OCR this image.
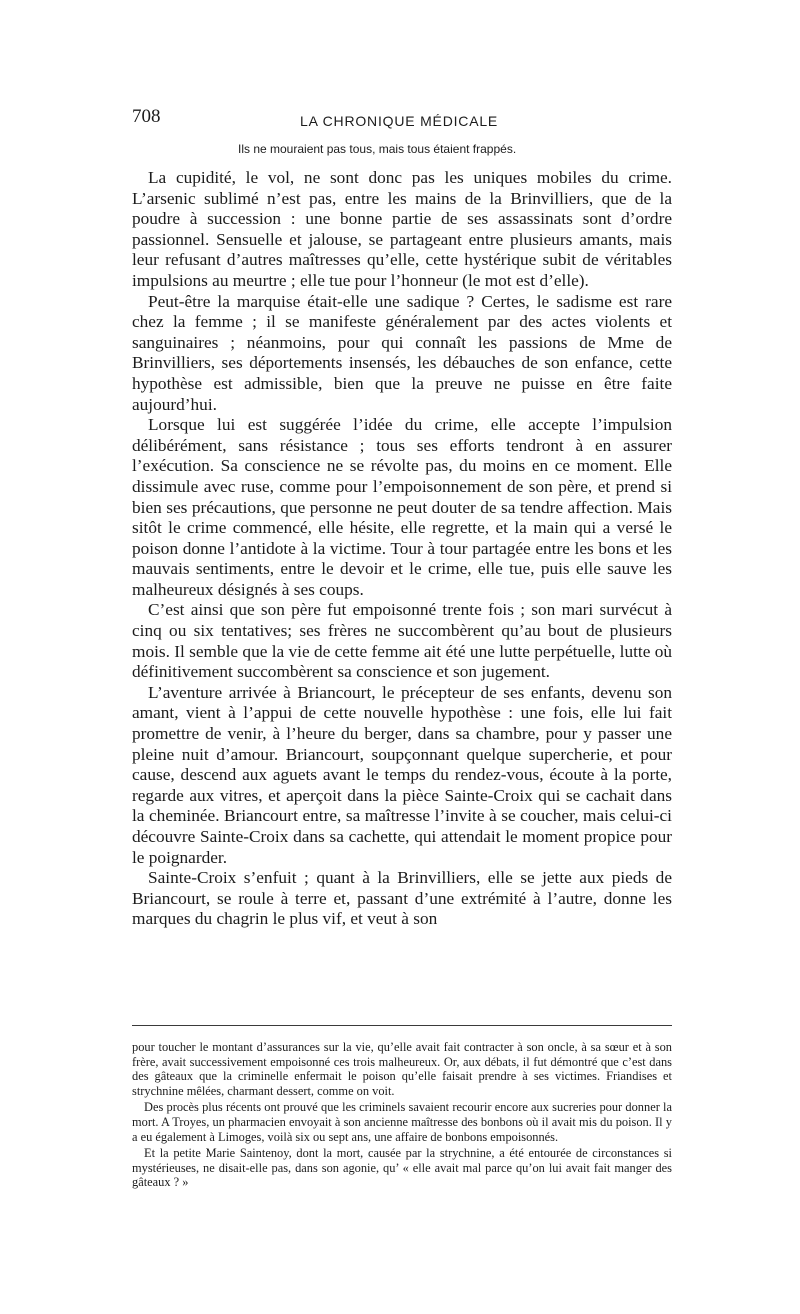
708	LA CHRONIQUE MÉDICALE
Ils ne mouraient pas tous, mais tous étaient frappés.

La cupidité, le vol, ne sont donc pas les uniques mobiles du crime. L’arsenic sublimé n’est pas, entre les mains de la Brinvilliers, que de la poudre à succession : une bonne partie de ses assassinats sont d’ordre passionnel. Sensuelle et jalouse, se partageant entre plusieurs amants, mais leur refusant d’autres maîtresses qu’elle, cette hystérique subit de véritables impulsions au meurtre ; elle tue pour l’honneur (le mot est d’elle).

Peut-être la marquise était-elle une sadique ? Certes, le sadisme est rare chez la femme ; il se manifeste généralement par des actes violents et sanguinaires ; néanmoins, pour qui connaît les passions de Mme de Brinvilliers, ses déportements insensés, les débauches de son enfance, cette hypothèse est admissible, bien que la preuve ne puisse en être faite aujourd’hui.

Lorsque lui est suggérée l’idée du crime, elle accepte l’impulsion délibérément, sans résistance ; tous ses efforts tendront à en assurer l’exécution. Sa conscience ne se révolte pas, du moins en ce moment. Elle dissimule avec ruse, comme pour l’empoisonnement de son père, et prend si bien ses précautions, que personne ne peut douter de sa tendre affection. Mais sitôt le crime commencé, elle hésite, elle regrette, et la main qui a versé le poison donne l’antidote à la victime. Tour à tour partagée entre les bons et les mauvais sentiments, entre le devoir et le crime, elle tue, puis elle sauve les malheureux désignés à ses coups.

C’est ainsi que son père fut empoisonné trente fois ; son mari survécut à cinq ou six tentatives; ses frères ne succombèrent qu’au bout de plusieurs mois. Il semble que la vie de cette femme ait été une lutte perpétuelle, lutte où définitivement succombèrent sa conscience et son jugement.

L’aventure arrivée à Briancourt, le précepteur de ses enfants, devenu son amant, vient à l’appui de cette nouvelle hypothèse : une fois, elle lui fait promettre de venir, à l’heure du berger, dans sa chambre, pour y passer une pleine nuit d’amour. Briancourt, soupçonnant quelque supercherie, et pour cause, descend aux aguets avant le temps du rendez-vous, écoute à la porte, regarde aux vitres, et aperçoit dans la pièce Sainte-Croix qui se cachait dans la cheminée. Briancourt entre, sa maîtresse l’invite à se coucher, mais celui-ci découvre Sainte-Croix dans sa cachette, qui attendait le moment propice pour le poignarder.

Sainte-Croix s’enfuit ; quant à la Brinvilliers, elle se jette aux pieds de Briancourt, se roule à terre et, passant d’une extrémité à l’autre, donne les marques du chagrin le plus vif, et veut à son

pour toucher le montant d’assurances sur la vie, qu’elle avait fait contracter à son oncle, à sa sœur et à son frère, avait successivement empoisonné ces trois malheureux. Or, aux débats, il fut démontré que c’est dans des gâteaux que la criminelle enfermait le poison qu’elle faisait prendre à ses victimes. Friandises et strychnine mêlées, charmant dessert, comme on voit.

Des procès plus récents ont prouvé que les criminels savaient recourir encore aux sucreries pour donner la mort. A Troyes, un pharmacien envoyait à son ancienne maîtresse des bonbons où il avait mis du poison. Il y a eu également à Limoges, voilà six ou sept ans, une affaire de bonbons empoisonnés.

Et la petite Marie Saintenoy, dont la mort, causée par la strychnine, a été entourée de circonstances si mystérieuses, ne disait-elle pas, dans son agonie, qu’ « elle avait mal parce qu’on lui avait fait manger des gâteaux ? »
